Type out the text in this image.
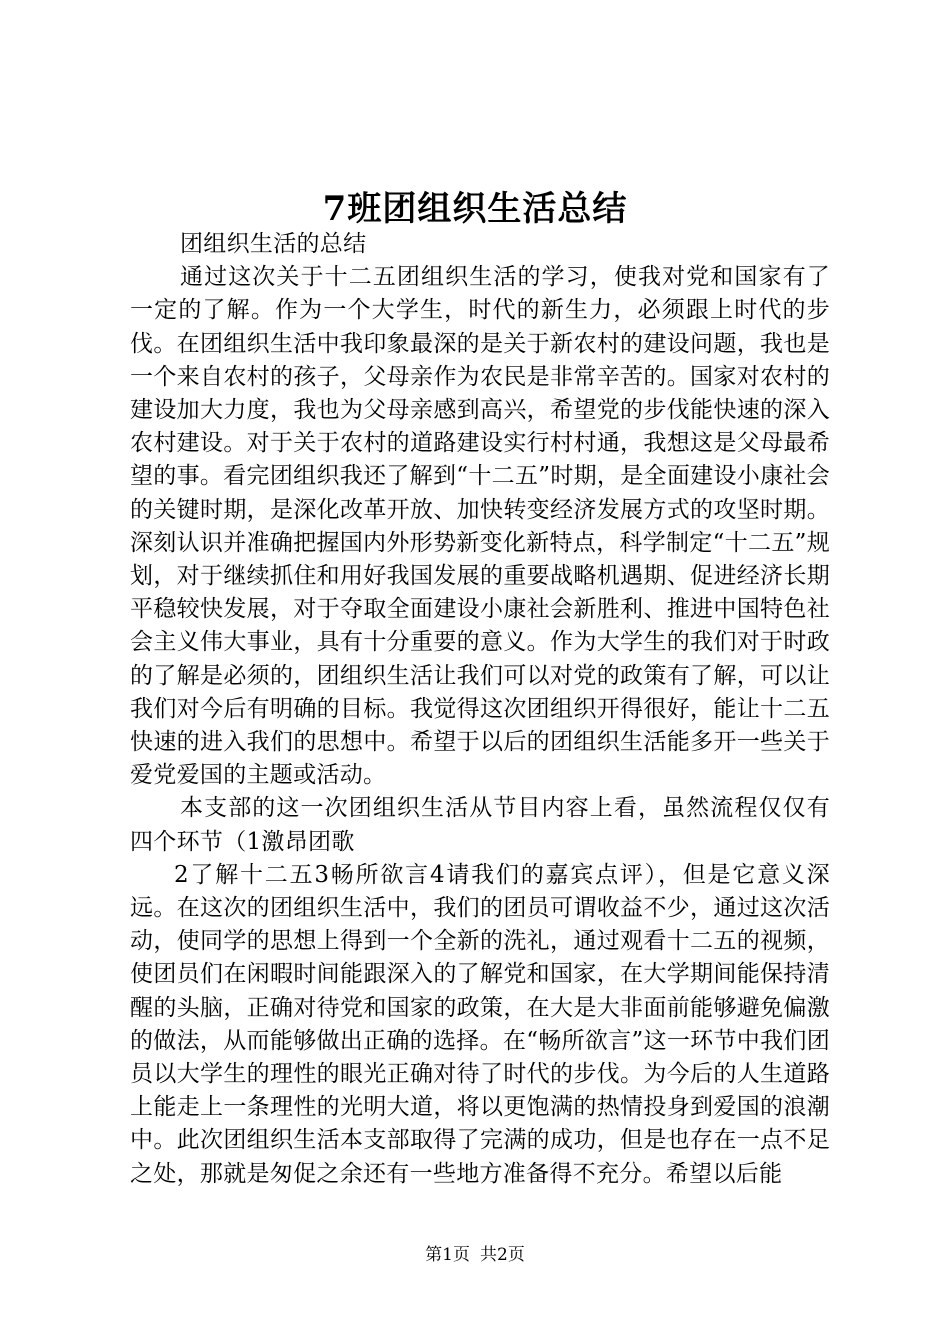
7班团组织生活总结

团组织生活的总结

通过这次关于十二五团组织生活的学习，使我对党和国家有了一定的了解。作为一个大学生，时代的新生力，必须跟上时代的步伐。在团组织生活中我印象最深的是关于新农村的建设问题，我也是一个来自农村的孩子，父母亲作为农民是非常辛苦的。国家对农村的建设加大力度，我也为父母亲感到高兴，希望党的步伐能快速的深入农村建设。对于关于农村的道路建设实行村村通，我想这是父母最希望的事。看完团组织我还了解到“十二五”时期，是全面建设小康社会的关键时期，是深化改革开放、加快转变经济发展方式的攻坚时期。深刻认识并准确把握国内外形势新变化新特点，科学制定“十二五”规划，对于继续抓住和用好我国发展的重要战略机遇期、促进经济长期平稳较快发展，对于夺取全面建设小康社会新胜利、推进中国特色社会主义伟大事业，具有十分重要的意义。作为大学生的我们对于时政的了解是必须的，团组织生活让我们可以对党的政策有了解，可以让我们对今后有明确的目标。我觉得这次团组织开得很好，能让十二五快速的进入我们的思想中。希望于以后的团组织生活能多开一些关于爱党爱国的主题或活动。

本支部的这一次团组织生活从节目内容上看，虽然流程仅仅有四个环节（1激昂团歌

2了解十二五3畅所欲言4请我们的嘉宾点评），但是它意义深远。在这次的团组织生活中，我们的团员可谓收益不少，通过这次活动，使同学的思想上得到一个全新的洗礼，通过观看十二五的视频，使团员们在闲暇时间能跟深入的了解党和国家，在大学期间能保持清醒的头脑，正确对待党和国家的政策，在大是大非面前能够避免偏激的做法，从而能够做出正确的选择。在“畅所欲言”这一环节中我们团员以大学生的理性的眼光正确对待了时代的步伐。为今后的人生道路上能走上一条理性的光明大道，将以更饱满的热情投身到爱国的浪潮中。此次团组织生活本支部取得了完满的成功，但是也存在一点不足之处，那就是匆促之余还有一些地方准备得不充分。希望以后能

第1页 共2页
